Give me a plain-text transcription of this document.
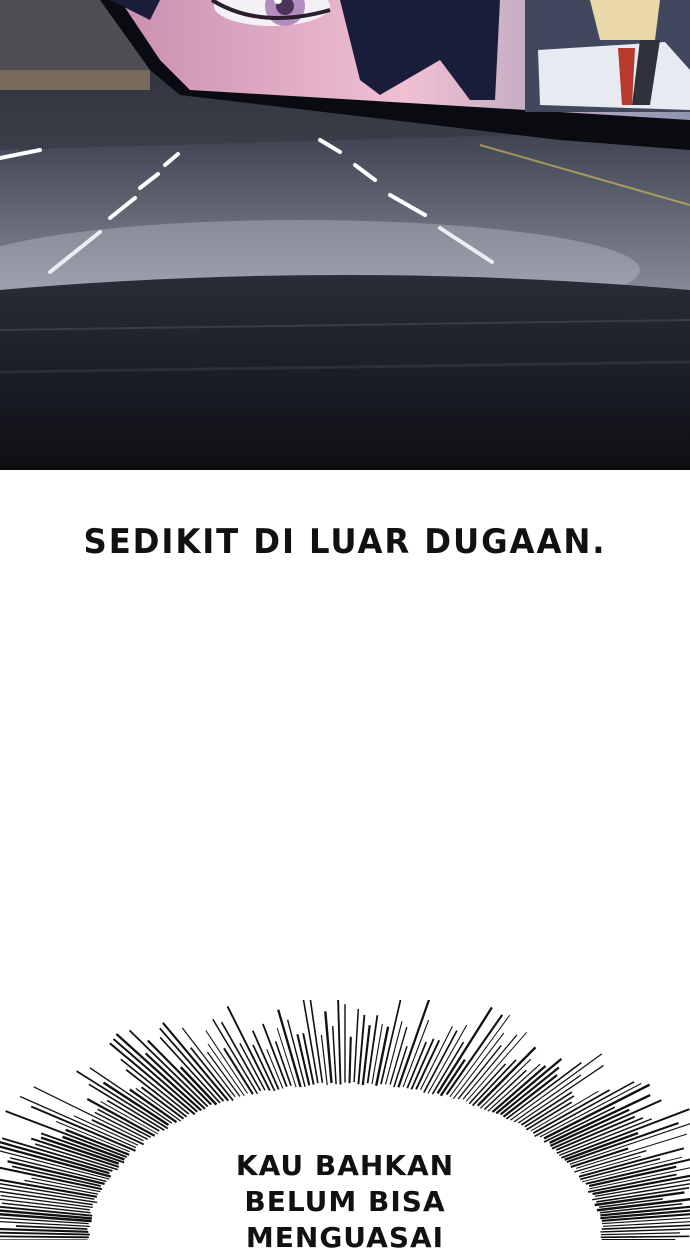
SEDIKIT DI LUAR DUGAAN.
KAU BAHKAN
BELUM BISA
MENGUASAI
